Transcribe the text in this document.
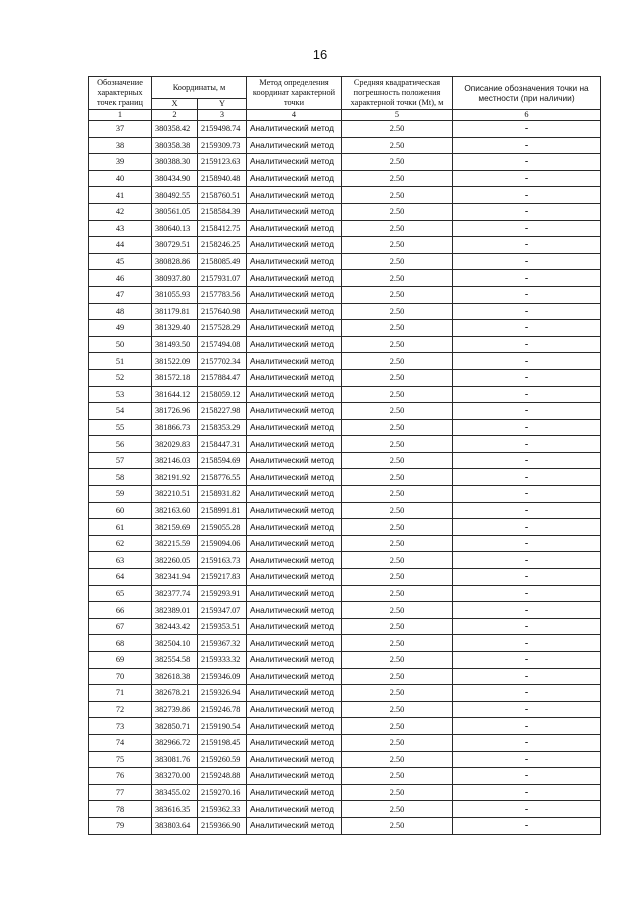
16
Обозначение характерных точек границ	Координаты, м		Метод определения координат характерной точки	Средняя квадратическая погрешность положения характерной точки (Mt), м	Описание обозначения точки на местности (при наличии)
	X	Y			
1	2	3	4	5	6
37	380358.42	2159498.74	Аналитический метод	2.50	-
38	380358.38	2159309.73	Аналитический метод	2.50	-
39	380388.30	2159123.63	Аналитический метод	2.50	-
40	380434.90	2158940.48	Аналитический метод	2.50	-
41	380492.55	2158760.51	Аналитический метод	2.50	-
42	380561.05	2158584.39	Аналитический метод	2.50	-
43	380640.13	2158412.75	Аналитический метод	2.50	-
44	380729.51	2158246.25	Аналитический метод	2.50	-
45	380828.86	2158085.49	Аналитический метод	2.50	-
46	380937.80	2157931.07	Аналитический метод	2.50	-
47	381055.93	2157783.56	Аналитический метод	2.50	-
48	381179.81	2157640.98	Аналитический метод	2.50	-
49	381329.40	2157528.29	Аналитический метод	2.50	-
50	381493.50	2157494.08	Аналитический метод	2.50	-
51	381522.09	2157702.34	Аналитический метод	2.50	-
52	381572.18	2157884.47	Аналитический метод	2.50	-
53	381644.12	2158059.12	Аналитический метод	2.50	-
54	381726.96	2158227.98	Аналитический метод	2.50	-
55	381866.73	2158353.29	Аналитический метод	2.50	-
56	382029.83	2158447.31	Аналитический метод	2.50	-
57	382146.03	2158594.69	Аналитический метод	2.50	-
58	382191.92	2158776.55	Аналитический метод	2.50	-
59	382210.51	2158931.82	Аналитический метод	2.50	-
60	382163.60	2158991.81	Аналитический метод	2.50	-
61	382159.69	2159055.28	Аналитический метод	2.50	-
62	382215.59	2159094.06	Аналитический метод	2.50	-
63	382260.05	2159163.73	Аналитический метод	2.50	-
64	382341.94	2159217.83	Аналитический метод	2.50	-
65	382377.74	2159293.91	Аналитический метод	2.50	-
66	382389.01	2159347.07	Аналитический метод	2.50	-
67	382443.42	2159353.51	Аналитический метод	2.50	-
68	382504.10	2159367.32	Аналитический метод	2.50	-
69	382554.58	2159333.32	Аналитический метод	2.50	-
70	382618.38	2159346.09	Аналитический метод	2.50	-
71	382678.21	2159326.94	Аналитический метод	2.50	-
72	382739.86	2159246.78	Аналитический метод	2.50	-
73	382850.71	2159190.54	Аналитический метод	2.50	-
74	382966.72	2159198.45	Аналитический метод	2.50	-
75	383081.76	2159260.59	Аналитический метод	2.50	-
76	383270.00	2159248.88	Аналитический метод	2.50	-
77	383455.02	2159270.16	Аналитический метод	2.50	-
78	383616.35	2159362.33	Аналитический метод	2.50	-
79	383803.64	2159366.90	Аналитический метод	2.50	-
